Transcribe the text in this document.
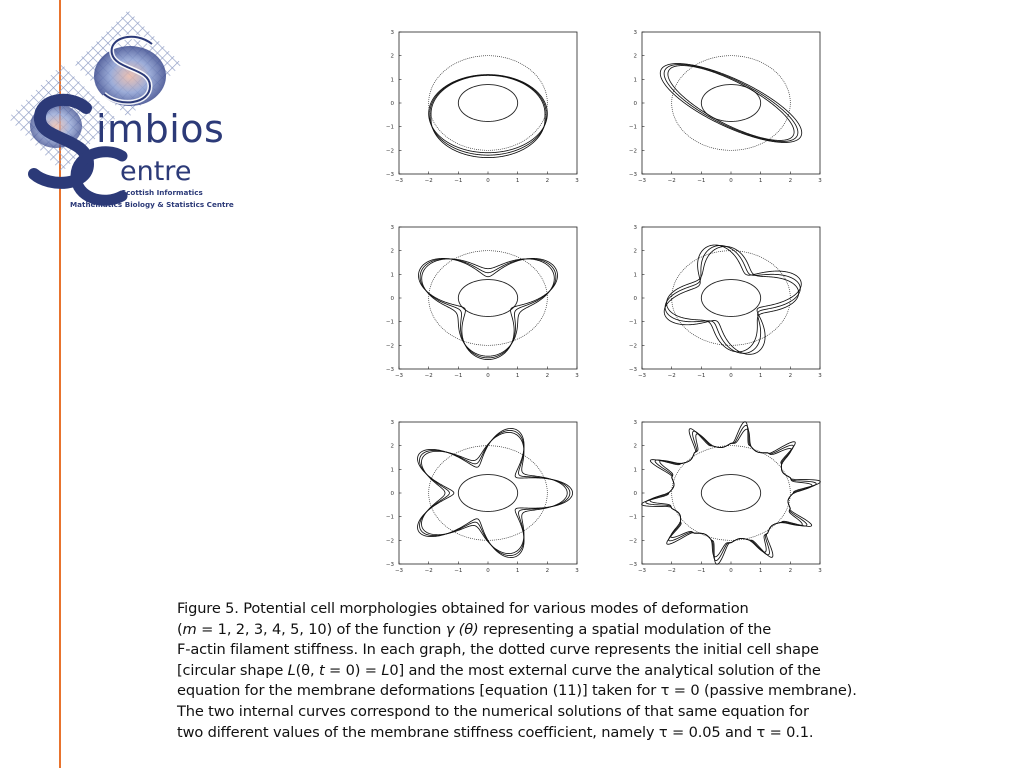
imbios
entre
Scottish Informatics
Mathematics Biology & Statistics Centre
−3	−2	−1	0	1	2	3
3
2
1
0
−1
−2
−3
−3	−2	−1	0	1	2	3
3
2
1
0
−1
−2
−3
−3	−2	−1	0	1	2	3
3
2
1
0
−1
−2
−3
−3	−2	−1	0	1	2	3
3
2
1
0
−1
−2
−3
−3	−2	−1	0	1	2	3
3
2
1
0
−1
−2
−3
−3	−2	−1	0	1	2	3
3
2
1
0
−1
−2
−3

Figure 5. Potential cell morphologies obtained for various modes of deformation

(m = 1, 2, 3, 4, 5, 10) of the function γ (θ) representing a spatial modulation of the

F-actin filament stiffness. In each graph, the dotted curve represents the initial cell shape

[circular shape L(θ, t = 0) = L0] and the most external curve the analytical solution of the

equation for the membrane deformations [equation (11)] taken for τ = 0 (passive membrane).

The two internal curves correspond to the numerical solutions of that same equation for

two different values of the membrane stiffness coefficient, namely τ = 0.05 and τ = 0.1.
